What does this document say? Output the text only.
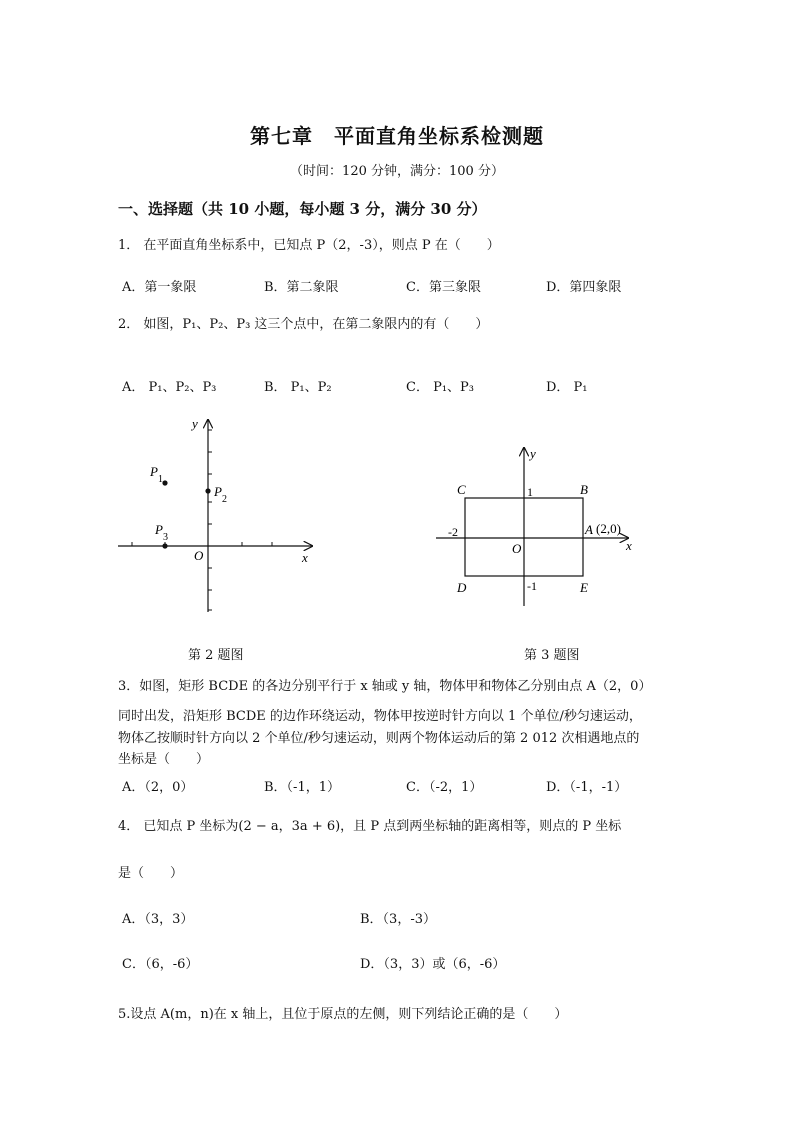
第七章　平面直角坐标系检测题
（时间：120 分钟，满分：100 分）
一、选择题（共 10 小题，每小题 3 分，满分 30 分）
1． 在平面直角坐标系中，已知点 P（2，-3），则点 P 在（　　）
A．第一象限	B．第二象限	C．第三象限	D．第四象限
2． 如图，P₁、P₂、P₃ 这三个点中，在第二象限内的有（　　）
A． P₁、P₂、P₃	B． P₁、P₂	C． P₁、P₃	D． P₁
y
x
O
P
1
P
2
P
3
y
x
O
C	B
D	E
A (2,0)
1
-2
-1
第 2 题图	第 3 题图
3．如图，矩形 BCDE 的各边分别平行于 x 轴或 y 轴，物体甲和物体乙分别由点 A（2，0）
同时出发，沿矩形 BCDE 的边作环绕运动，物体甲按逆时针方向以 1 个单位/秒匀速运动，
物体乙按顺时针方向以 2 个单位/秒匀速运动，则两个物体运动后的第 2 012 次相遇地点的
坐标是（　　）
A．（2，0）	B．（-1，1）	C．（-2，1）	D．（-1，-1）
4． 已知点 P 坐标为(2 − a，3a + 6)，且 P 点到两坐标轴的距离相等，则点的 P 坐标
是（　　）
A．（3，3）	B．（3，-3）
C．（6，-6）	D．（3，3）或（6，-6）
5.设点 A(m，n)在 x 轴上，且位于原点的左侧，则下列结论正确的是（　　）
